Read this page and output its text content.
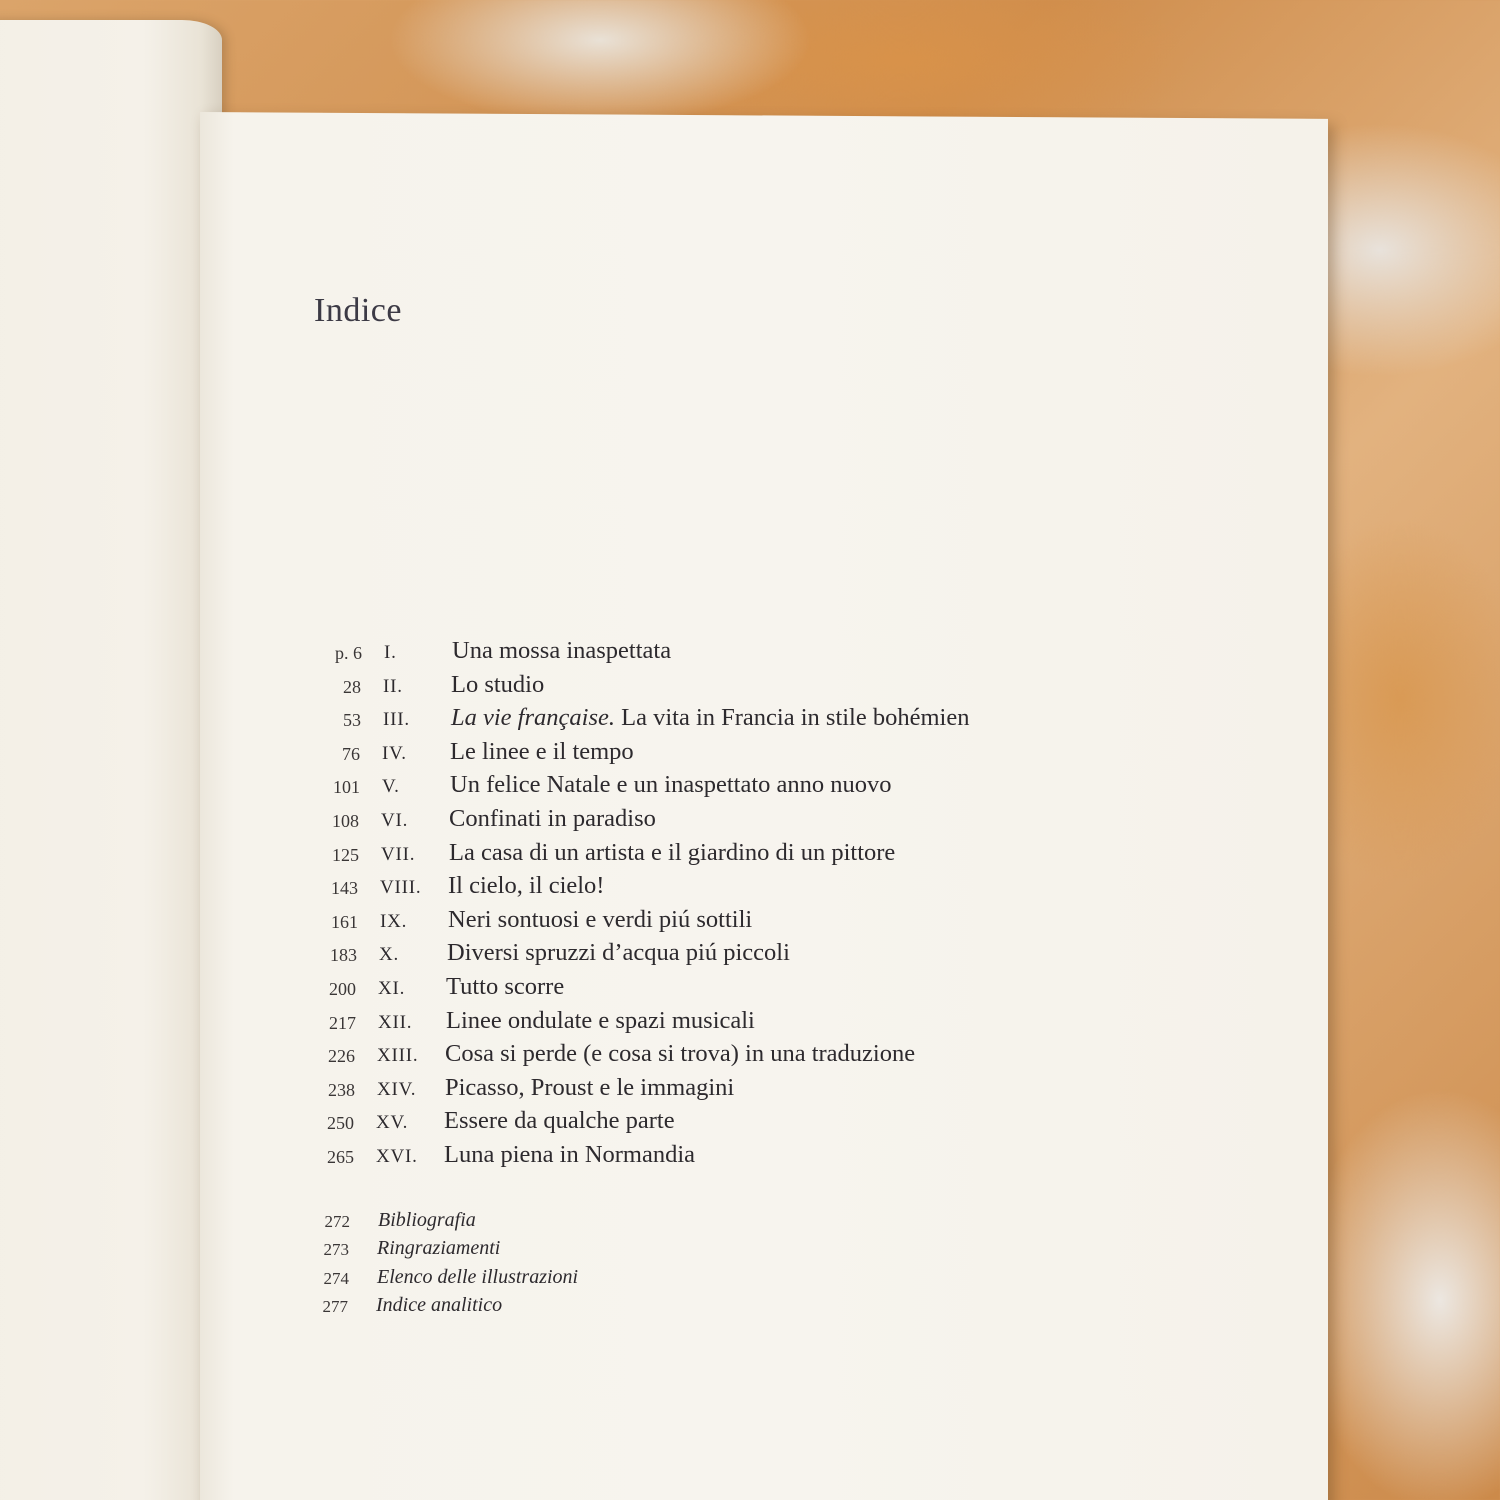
Indice
p. 6 I. Una mossa inaspettata
28 II. Lo studio
53 III. La vie française. La vita in Francia in stile bohémien
76 IV. Le linee e il tempo
101 V. Un felice Natale e un inaspettato anno nuovo
108 VI. Confinati in paradiso
125 VII. La casa di un artista e il giardino di un pittore
143 VIII. Il cielo, il cielo!
161 IX. Neri sontuosi e verdi piú sottili
183 X. Diversi spruzzi d’acqua piú piccoli
200 XI. Tutto scorre
217 XII. Linee ondulate e spazi musicali
226 XIII. Cosa si perde (e cosa si trova) in una traduzione
238 XIV. Picasso, Proust e le immagini
250 XV. Essere da qualche parte
265 XVI. Luna piena in Normandia
272 Bibliografia
273 Ringraziamenti
274 Elenco delle illustrazioni
277 Indice analitico
